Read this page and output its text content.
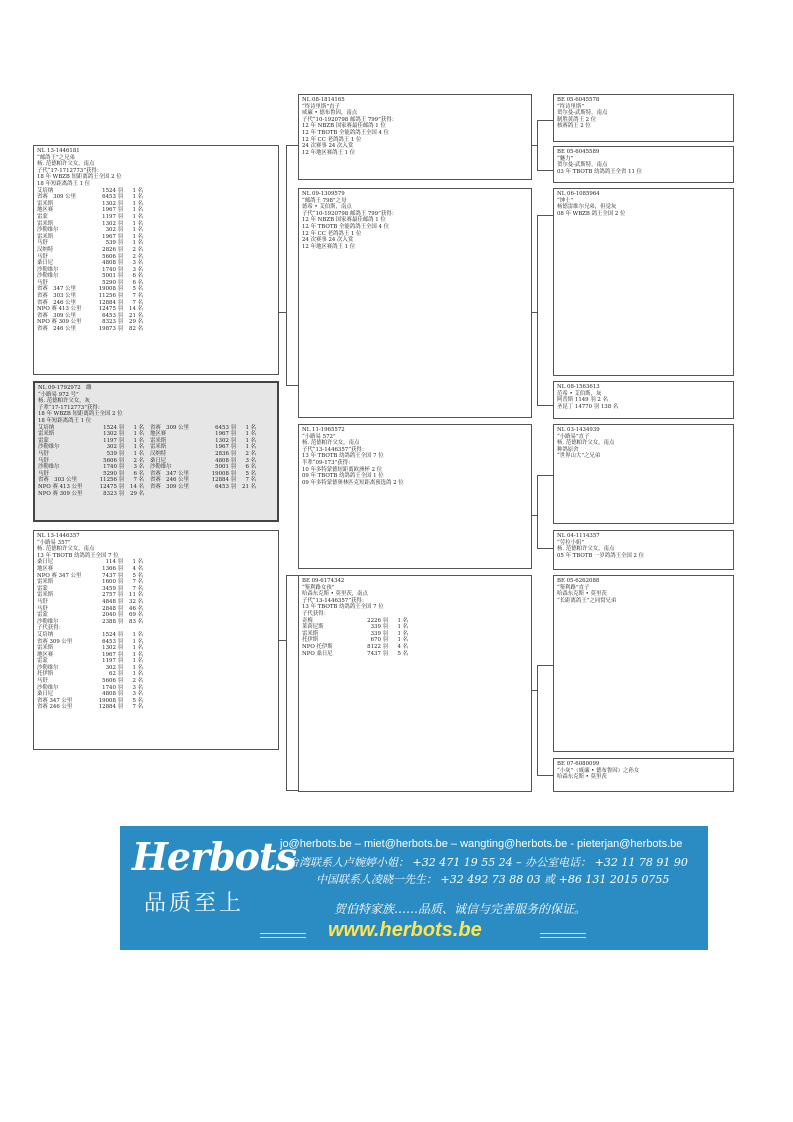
NL 13-1446181
“邮鸽王”之兄弟
杨. 范德帕许父女，南点
子代“17-1712773”获得：
18 年 WBZB 短距离鸽王全国 2 位
18 年短距离鸽王 1 位
艾培纳	1524 羽	1 名
省赛　309 公里	6453 羽	1 名
雷米斯	1302 羽	1 名
地区赛	1967 羽	1 名
雷蒙	1197 羽	1 名
雷米斯	1302 羽	1 名
沙勒维尔	302 羽	1 名
雷米斯	1967 羽	1 名
马舒	539 羽	1 名
汉纳特	2826 羽	2 名
马舒	5606 羽	2 名
桑日尼	4808 羽	3 名
沙勒维尔	1740 羽	3 名
沙勒维尔	5001 羽	6 名
马舒	5290 羽	6 名
省赛　347 公里	19008 羽	5 名
省赛　303 公里	11256 羽	7 名
省赛　246 公里	12884 羽	7 名
NPO 赛 413 公里	12475 羽	14 名
省赛　309 公里	6453 羽	21 名
NPO 赛 309 公里	8323 羽	29 名
省赛　246 公里	19873 羽	82 名
NL 09-1792972　雌
“小路易 972 号”
杨. 范德帕许父女，灰
子辈“17-1712773”获得：
18 年 WBZB 短距离鸽王全国 2 位
18 年短距离鸽王 1 位
艾培纳	1524 羽	1 名
雷米斯	1302 羽	1 名
雷蒙	1197 羽	1 名
沙勒维尔	302 羽	1 名
马舒	539 羽	1 名
马舒	5606 羽	2 名
沙勒维尔	1740 羽	3 名
马舒	5290 羽	6 名
省赛　303 公里	11256 羽	7 名
NPO 赛 413 公里	12475 羽	14 名
NPO 赛 309 公里	8323 羽	29 名
省赛　309 公里	6453 羽	1 名
地区赛	1967 羽	1 名
雷米斯	1302 羽	1 名
雷米斯	1967 羽	1 名
汉纳特	2836 羽	2 名
桑日尼	4808 羽	3 名
沙勒维尔	5001 羽	6 名
省赛　347 公里	19008 羽	5 名
省赛　246 公里	12884 羽	7 名
省赛　309 公里	6453 羽	21 名
NL 13-1446357
“小路易 357”
杨. 范德帕许父女，南点
13 年 TBOTB 幼鸽鸽王全国 7 位
桑日尼	114 羽	1 名
地区赛	1366 羽	4 名
NPO 赛 347 公里	7437 羽	5 名
雷米斯	1600 羽	7 名
雷蒙	3459 羽	7 名
雷米斯	2757 羽	11 名
马舒	4848 羽	32 名
马舒	2848 羽	46 名
雷蒙	2040 羽	69 名
沙勒维尔	2388 羽	83 名
子代获得：
艾培纳	1524 羽	1 名
省赛 309 公里	6453 羽	1 名
雷米斯	1302 羽	1 名
地区赛	1967 羽	1 名
雷蒙	1197 羽	1 名
沙勒维尔	302 羽	1 名
托伊斯	62 羽	1 名
马舒	5606 羽	2 名
沙勒维尔	1740 羽	3 名
桑日尼	4808 羽	3 名
省赛 347 公里	19008 羽	5 名
省赛 246 公里	12884 羽	7 名
NL 08-1814165
“终诗里斯”直子
威廉 • 德布鲁因，南点
子代“10-1920798 邮鸽王 799”获得：
12 年 NBZB 国家赛最佳邮鸽 1 位
12 年 TBOTB 全能鸽鸽王全国 4 位
12 年 CC 老鸽鸽王 1 位
24 次赛事 24 次入赏
12 年地区赛鸽王 1 位
NL 09-1309579
“邮鸽王 798”之母
德希 • 艾伯斯，南点
子代“10-1920798 邮鸽王 799”获得：
12 年 NBZB 国家赛最佳邮鸽 1 位
12 年 TBOTB 全能鸽鸽王全国 4 位
12 年 CC 老鸽鸽王 1 位
24 次赛事 24 次入赏
12 年地区赛鸽王 1 位
NL 11-1965572
“小路易 572”
杨. 范德帕许父女，南点
子代“13-1446357”获得：
13 年 TBOTB 幼鸽鸽王全国 7 位
半辈“09-173”获得：
10 年多特蒙德短距离欧洲杯 2 位
09 年 TBOTB 幼鸽鸽王全国 1 位
09 年多特蒙德奥林匹克短距离预选鸽 2 位
BE 09-6174342
“鉴利路女孩”
哈森东克斯 • 莫里茨，南点
子代“13-1446357”获得：
13 年 TBOTB 幼鸽鸽王全国 7 位
子代获得：
奇梅	2226 羽	1 名
莱茵尼斯	339 羽	1 名
雷米斯	339 羽	1 名
托伊斯	670 羽	1 名
NPO 托伊斯	8122 羽	4 名
NPO 桑日尼	7437 羽	5 名
BE 05-6045578
“终诗里斯”
贺尔曼-武斯特，南点
制胜黄鸽王 2 位
核赛鸽王 2 位
BE 05-6045589
“魅力”
贺尔曼-武斯特，南点
03 年 TBOTB 幼鸽鸽王全省 11 位
NL 06-1085964
“绅士”
杨德雷维尔兄弟，但觉灰
08 年 WBZB 鸽王全国 2 位
NL 08-1563613
范希 • 艾伯斯，灰
阿普斯 1149 羽 2 名
圣昆丁 14770 羽 138 名
NL 03-1434939
“小路易”直子
杨. 范德帕许父女，南点
种鸽原舍
“世界山大”之兄弟
NL 04-1114357
“劳拉小姐”
杨. 范德帕许父女，南点
05 年 TBOTB 一岁鸽鸽王全国 2 位
BE 05-6262088
“鉴利路”直子
哈森东克斯 • 莫里茨
“长距离鸽王”之同窝兄弟
BE 07-6080099
“小灰”（威廉 • 德布鲁因）之孙女
哈森东克斯 • 莫里茨
Herbots
品质至上
jo@herbots.be – miet@herbots.be – wangting@herbots.be - pieterjan@herbots.be
台湾联系人卢婉婷小姐： +32 471 19 55 24 – 办公室电话： +32 11 78 91 90
中国联系人凌晓一先生： +32 492 73 88 03 或 +86 131 2015 0755
贺伯特家族……品质、诚信与完善服务的保证。
www.herbots.be
